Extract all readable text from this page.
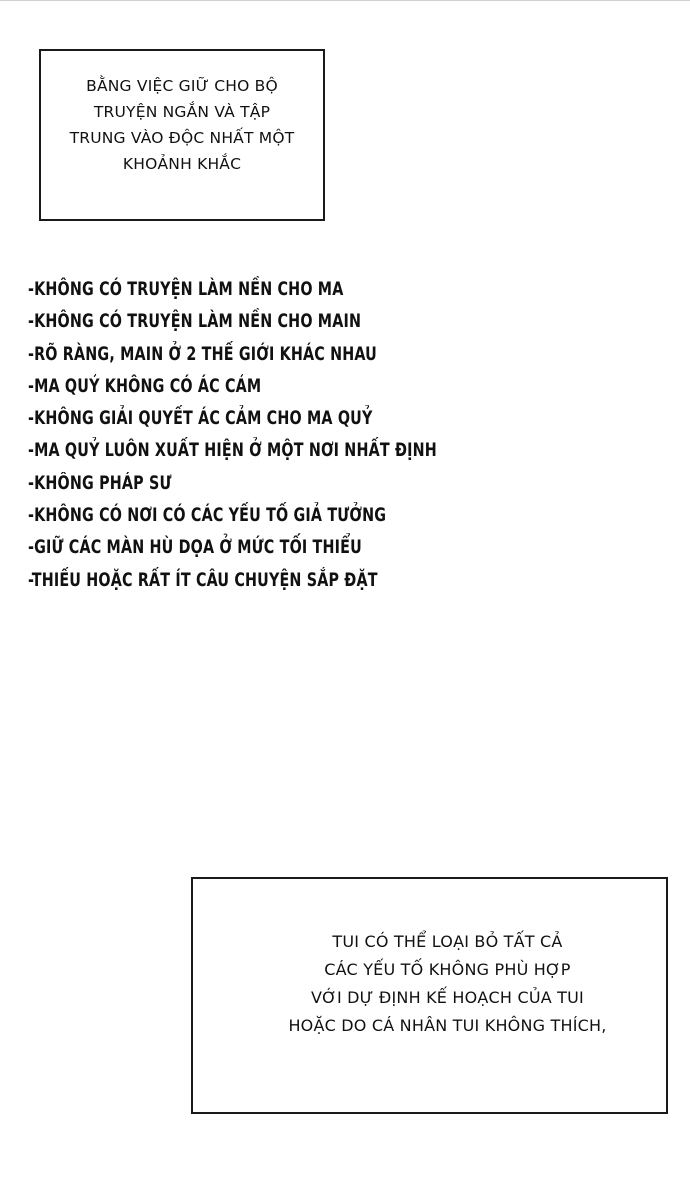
BẰNG VIỆC GIỮ CHO BỘ
TRUYỆN NGẮN VÀ TẬP
TRUNG VÀO ĐỘC NHẤT MỘT
KHOẢNH KHẮC
-KHÔNG CÓ TRUYỆN LÀM NỀN CHO MA
-KHÔNG CÓ TRUYỆN LÀM NỀN CHO MAIN
-RÕ RÀNG, MAIN Ở 2 THẾ GIỚI KHÁC NHAU
-MA QUỶ KHÔNG CÓ ÁC CẢM
-KHÔNG GIẢI QUYẾT ÁC CẢM CHO MA QUỶ
-MA QUỶ LUÔN XUẤT HIỆN Ở MỘT NƠI NHẤT ĐỊNH
-KHÔNG PHÁP SƯ
-KHÔNG CÓ NƠI CÓ CÁC YẾU TỐ GIẢ TƯỞNG
-GIỮ CÁC MÀN HÙ DỌA Ở MỨC TỐI THIỂU
-THIẾU HOẶC RẤT ÍT CÂU CHUYỆN SẮP ĐẶT
TUI CÓ THỂ LOẠI BỎ TẤT CẢ
CÁC YẾU TỐ KHÔNG PHÙ HỢP
VỚI DỰ ĐỊNH KẾ HOẠCH CỦA TUI
HOẶC DO CÁ NHÂN TUI KHÔNG THÍCH,
